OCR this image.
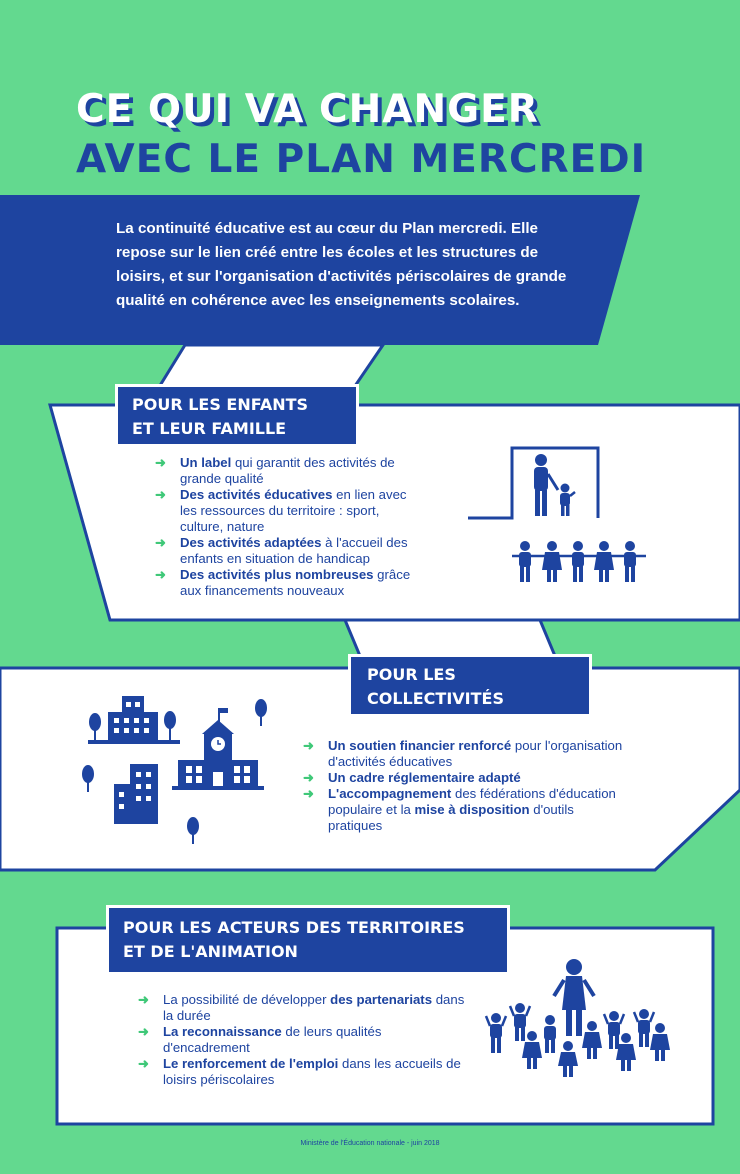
CE QUI VA CHANGER
AVEC LE PLAN MERCREDI

La continuité éducative est au cœur du Plan mercredi. Elle repose sur le lien créé entre les écoles et les structures de loisirs, et sur l'organisation d'activités périscolaires de grande qualité en cohérence avec les enseignements scolaires.

POUR LES ENFANTS
ET LEUR FAMILLE
➜ Un label qui garantit des activités de grande qualité
➜ Des activités éducatives en lien avec les ressources du territoire : sport, culture, nature
➜ Des activités adaptées à l'accueil des enfants en situation de handicap
➜ Des activités plus nombreuses grâce aux financements nouveaux
POUR LES
COLLECTIVITÉS
➜ Un soutien financier renforcé pour l'organisation d'activités éducatives
➜ Un cadre réglementaire adapté
➜ L'accompagnement des fédérations d'éducation populaire et la mise à disposition d'outils pratiques
POUR LES ACTEURS DES TERRITOIRES
ET DE L'ANIMATION
➜ La possibilité de développer des partenariats dans la durée
➜ La reconnaissance de leurs qualités d'encadrement
➜ Le renforcement de l'emploi dans les accueils de loisirs périscolaires
Ministère de l'Éducation nationale - juin 2018
